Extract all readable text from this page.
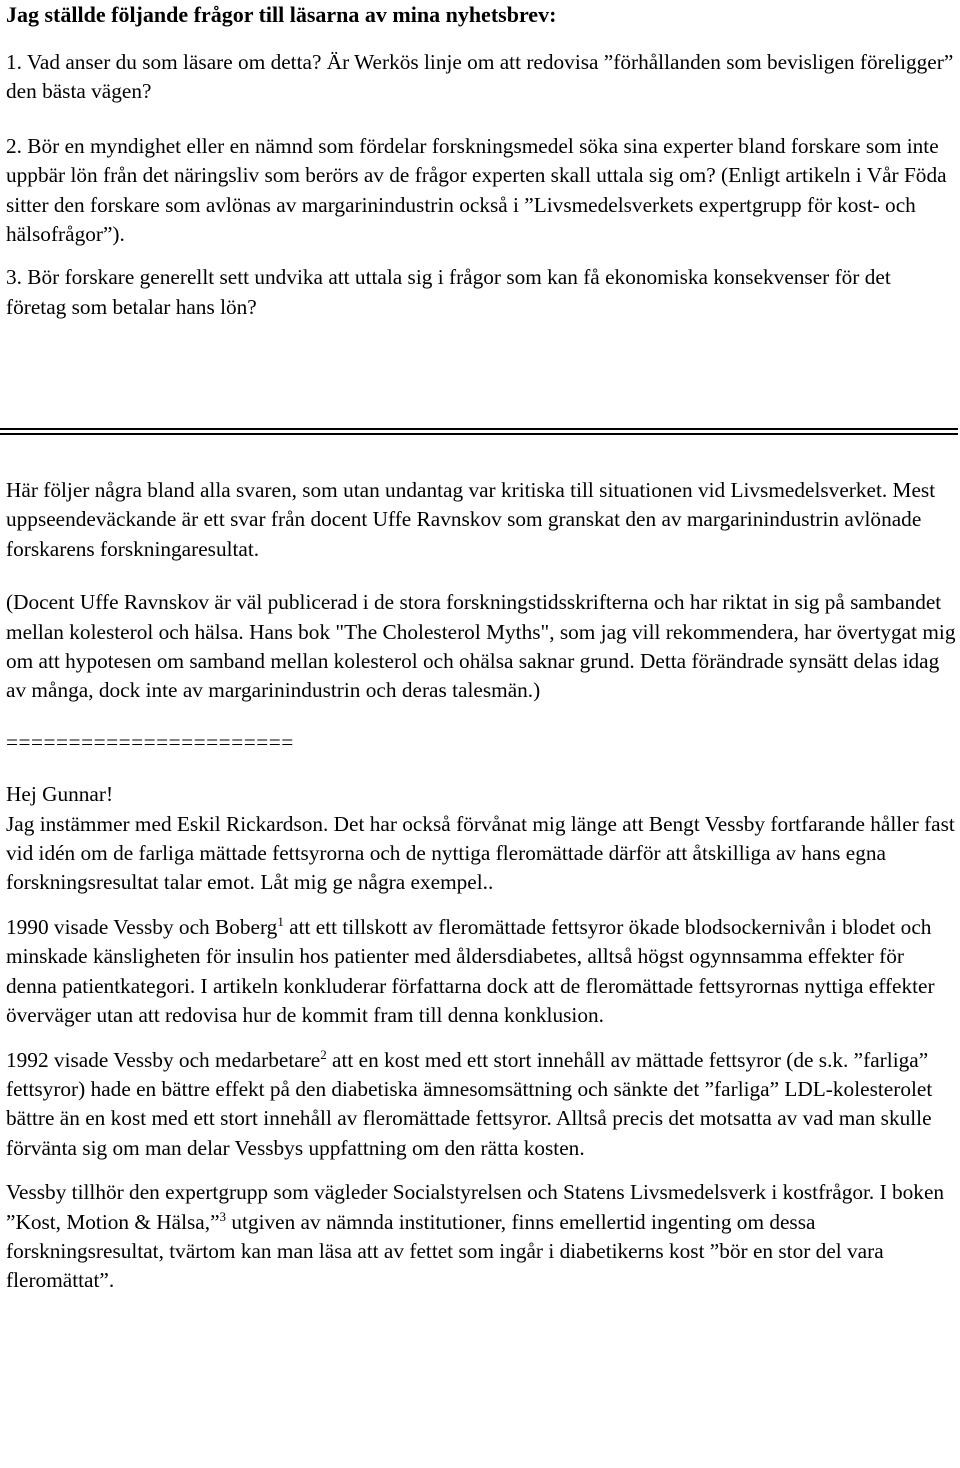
Jag ställde följande frågor till läsarna av mina nyhetsbrev:

1. Vad anser du som läsare om detta? Är Werkös linje om att redovisa ”förhållanden som bevisligen föreligger” den bästa vägen?

2. Bör en myndighet eller en nämnd som fördelar forskningsmedel söka sina experter bland forskare som inte uppbär lön från det näringsliv som berörs av de frågor experten skall uttala sig om? (Enligt artikeln i Vår Föda sitter den forskare som avlönas av margarinindustrin också i ”Livsmedelsverkets expertgrupp för kost- och hälsofrågor”).

3. Bör forskare generellt sett undvika att uttala sig i frågor som kan få ekonomiska konsekvenser för det företag som betalar hans lön?

Här följer några bland alla svaren, som utan undantag var kritiska till situationen vid Livsmedelsverket. Mest uppseendeväckande är ett svar från docent Uffe Ravnskov som granskat den av margarinindustrin avlönade forskarens forskningaresultat.

(Docent Uffe Ravnskov är väl publicerad i de stora forskningstidsskrifterna och har riktat in sig på sambandet mellan kolesterol och hälsa. Hans bok "The Cholesterol Myths", som jag vill rekommendera, har övertygat mig om att hypotesen om samband mellan kolesterol och ohälsa saknar grund. Detta förändrade synsätt delas idag av många, dock inte av margarinindustrin och deras talesmän.)

=======================

Hej Gunnar!

Jag instämmer med Eskil Rickardson. Det har också förvånat mig länge att Bengt Vessby fortfarande håller fast vid idén om de farliga mättade fettsyrorna och de nyttiga fleromättade därför att åtskilliga av hans egna forskningsresultat talar emot. Låt mig ge några exempel..

1990 visade Vessby och Boberg$^1$ att ett tillskott av fleromättade fettsyror ökade blodsockernivån i blodet och minskade känsligheten för insulin hos patienter med åldersdiabetes, alltså högst ogynnsamma effekter för denna patientkategori. I artikeln konkluderar författarna dock att de fleromättade fettsyrornas nyttiga effekter överväger utan att redovisa hur de kommit fram till denna konklusion.

1992 visade Vessby och medarbetare$^2$ att en kost med ett stort innehåll av mättade fettsyror (de s.k. ”farliga” fettsyror) hade en bättre effekt på den diabetiska ämnesomsättning och sänkte det ”farliga” LDL-kolesterolet bättre än en kost med ett stort innehåll av fleromättade fettsyror. Alltså precis det motsatta av vad man skulle förvänta sig om man delar Vessbys uppfattning om den rätta kosten.

Vessby tillhör den expertgrupp som vägleder Socialstyrelsen och Statens Livsmedelsverk i kostfrågor. I boken ”Kost, Motion & Hälsa,”$^3$ utgiven av nämnda institutioner, finns emellertid ingenting om dessa forskningsresultat, tvärtom kan man läsa att av fettet som ingår i diabetikerns kost ”bör en stor del vara fleromättat”.
